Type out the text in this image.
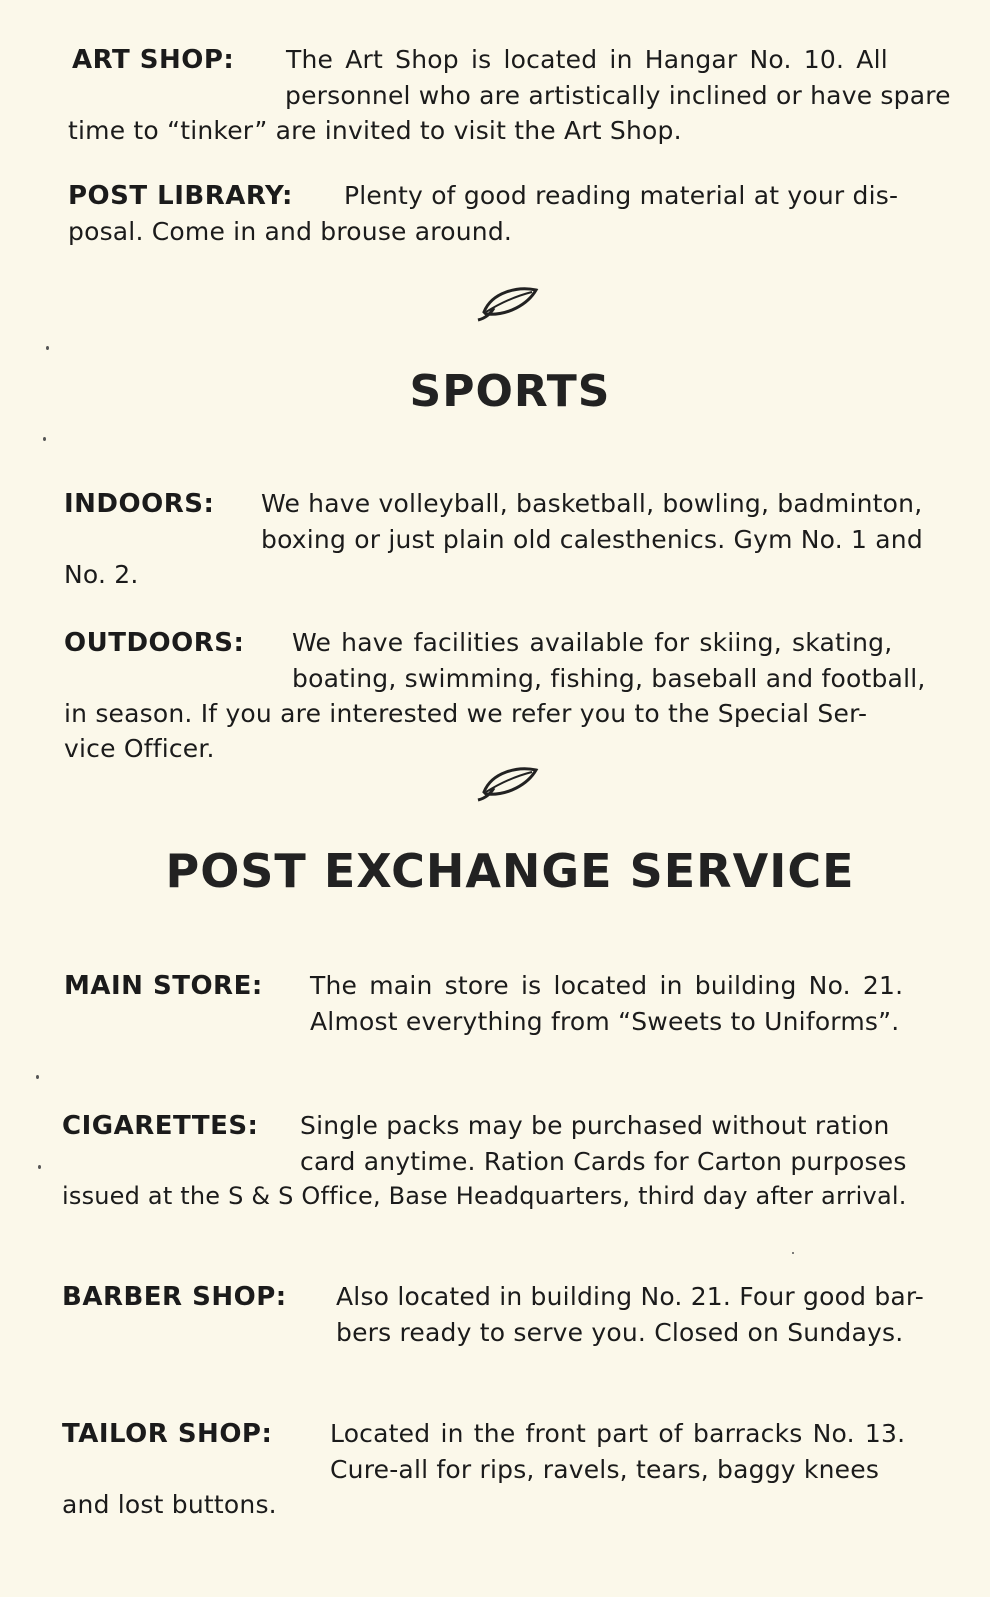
ART SHOP: The Art Shop is located in Hangar No. 10. All
personnel who are artistically inclined or have spare
time to “tinker” are invited to visit the Art Shop.
POST LIBRARY: Plenty of good reading material at your dis-
posal. Come in and brouse around.
SPORTS
INDOORS: We have volleyball, basketball, bowling, badminton,
boxing or just plain old calesthenics. Gym No. 1 and
No. 2.
OUTDOORS: We have facilities available for skiing, skating,
boating, swimming, fishing, baseball and football,
in season. If you are interested we refer you to the Special Ser-
vice Officer.
POST EXCHANGE SERVICE
MAIN STORE: The main store is located in building No. 21.
Almost everything from “Sweets to Uniforms”.
CIGARETTES: Single packs may be purchased without ration
card anytime. Ration Cards for Carton purposes
issued at the S & S Office, Base Headquarters, third day after arrival.
BARBER SHOP: Also located in building No. 21. Four good bar-
bers ready to serve you. Closed on Sundays.
TAILOR SHOP: Located in the front part of barracks No. 13.
Cure-all for rips, ravels, tears, baggy knees
and lost buttons.
